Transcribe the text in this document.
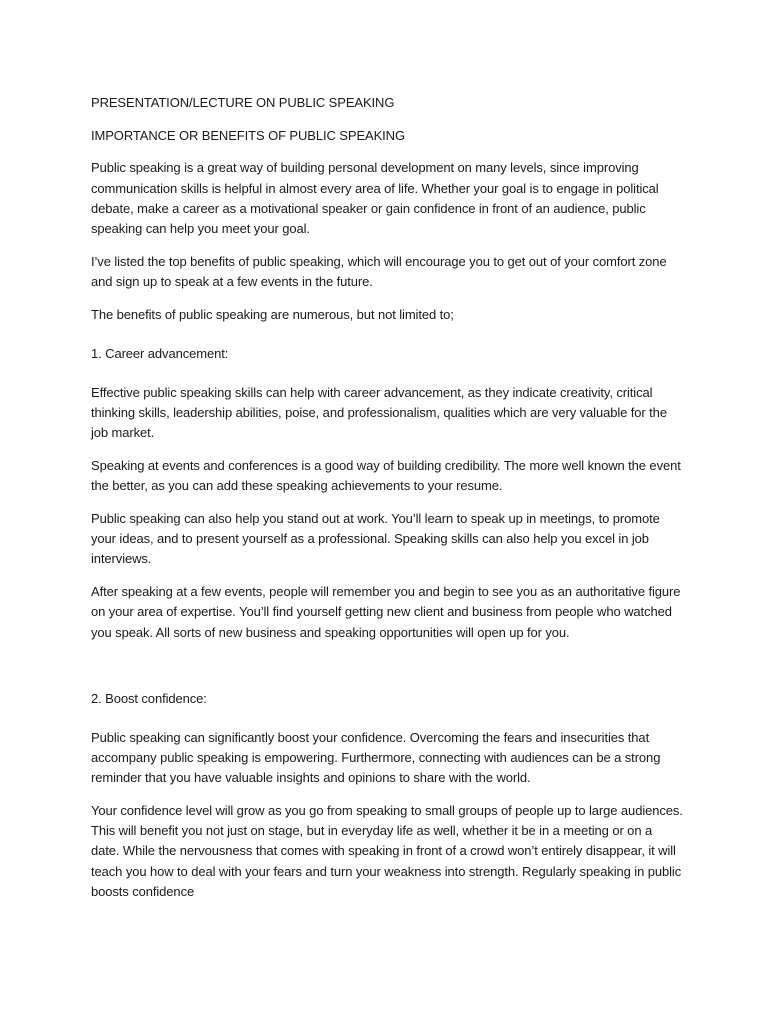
PRESENTATION/LECTURE ON PUBLIC SPEAKING

IMPORTANCE OR BENEFITS OF PUBLIC SPEAKING

Public speaking is a great way of building personal development on many levels, since improving communication skills is helpful in almost every area of life. Whether your goal is to engage in political debate, make a career as a motivational speaker or gain confidence in front of an audience, public speaking can help you meet your goal.

I’ve listed the top benefits of public speaking, which will encourage you to get out of your comfort zone and sign up to speak at a few events in the future.

The benefits of public speaking are numerous, but not limited to;

1. Career advancement:

Effective public speaking skills can help with career advancement, as they indicate creativity, critical thinking skills, leadership abilities, poise, and professionalism, qualities which are very valuable for the job market.

Speaking at events and conferences is a good way of building credibility. The more well known the event the better, as you can add these speaking achievements to your resume.

Public speaking can also help you stand out at work. You’ll learn to speak up in meetings, to promote your ideas, and to present yourself as a professional. Speaking skills can also help you excel in job interviews.

After speaking at a few events, people will remember you and begin to see you as an authoritative figure on your area of expertise. You’ll find yourself getting new client and business from people who watched you speak. All sorts of new business and speaking opportunities will open up for you.

2. Boost confidence:

Public speaking can significantly boost your confidence. Overcoming the fears and insecurities that accompany public speaking is empowering. Furthermore, connecting with audiences can be a strong reminder that you have valuable insights and opinions to share with the world.

Your confidence level will grow as you go from speaking to small groups of people up to large audiences. This will benefit you not just on stage, but in everyday life as well, whether it be in a meeting or on a date. While the nervousness that comes with speaking in front of a crowd won’t entirely disappear, it will teach you how to deal with your fears and turn your weakness into strength. Regularly speaking in public boosts confidence
